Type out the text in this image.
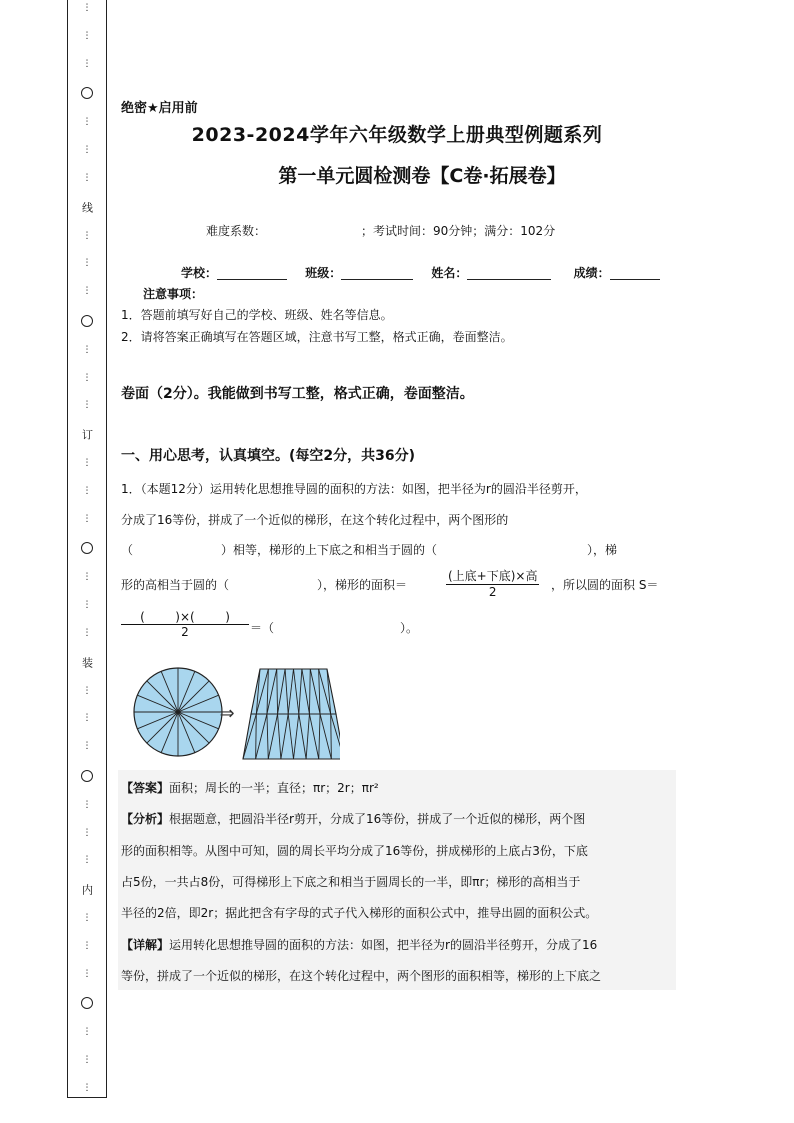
⋮
⋮
⋮
⋮
⋮
⋮
线
⋮
⋮
⋮
⋮
⋮
⋮
订
⋮
⋮
⋮
⋮
⋮
⋮
装
⋮
⋮
⋮
⋮
⋮
⋮
内
⋮
⋮
⋮
⋮
⋮
⋮
绝密★启用前
2023-2024学年六年级数学上册典型例题系列
第一单元圆检测卷【C卷·拓展卷】
难度系数：	；考试时间：90分钟；满分：102分
学校：	班级：	姓名：	成绩：
注意事项：
1．答题前填写好自己的学校、班级、姓名等信息。
2．请将答案正确填写在答题区域，注意书写工整，格式正确，卷面整洁。
卷面（2分）。我能做到书写工整，格式正确，卷面整洁。
一、用心思考，认真填空。(每空2分，共36分)
1．（本题12分）运用转化思想推导圆的面积的方法：如图，把半径为r的圆沿半径剪开，
分成了16等份，拼成了一个近似的梯形，在这个转化过程中，两个图形的
（	）相等，梯形的上下底之和相当于圆的（	），梯
形的高相当于圆的（	），梯形的面积＝
(上底+下底)×高
2	，所以圆的面积 S＝
(        )×(        )
2	＝（	）。
⇒
【答案】面积；周长的一半；直径；πr；2r；πr²
【分析】根据题意，把圆沿半径r剪开，分成了16等份，拼成了一个近似的梯形，两个图
形的面积相等。从图中可知，圆的周长平均分成了16等份，拼成梯形的上底占3份，下底
占5份，一共占8份，可得梯形上下底之和相当于圆周长的一半，即πr；梯形的高相当于
半径的2倍，即2r；据此把含有字母的式子代入梯形的面积公式中，推导出圆的面积公式。
【详解】运用转化思想推导圆的面积的方法：如图，把半径为r的圆沿半径剪开，分成了16
等份，拼成了一个近似的梯形，在这个转化过程中，两个图形的面积相等，梯形的上下底之
